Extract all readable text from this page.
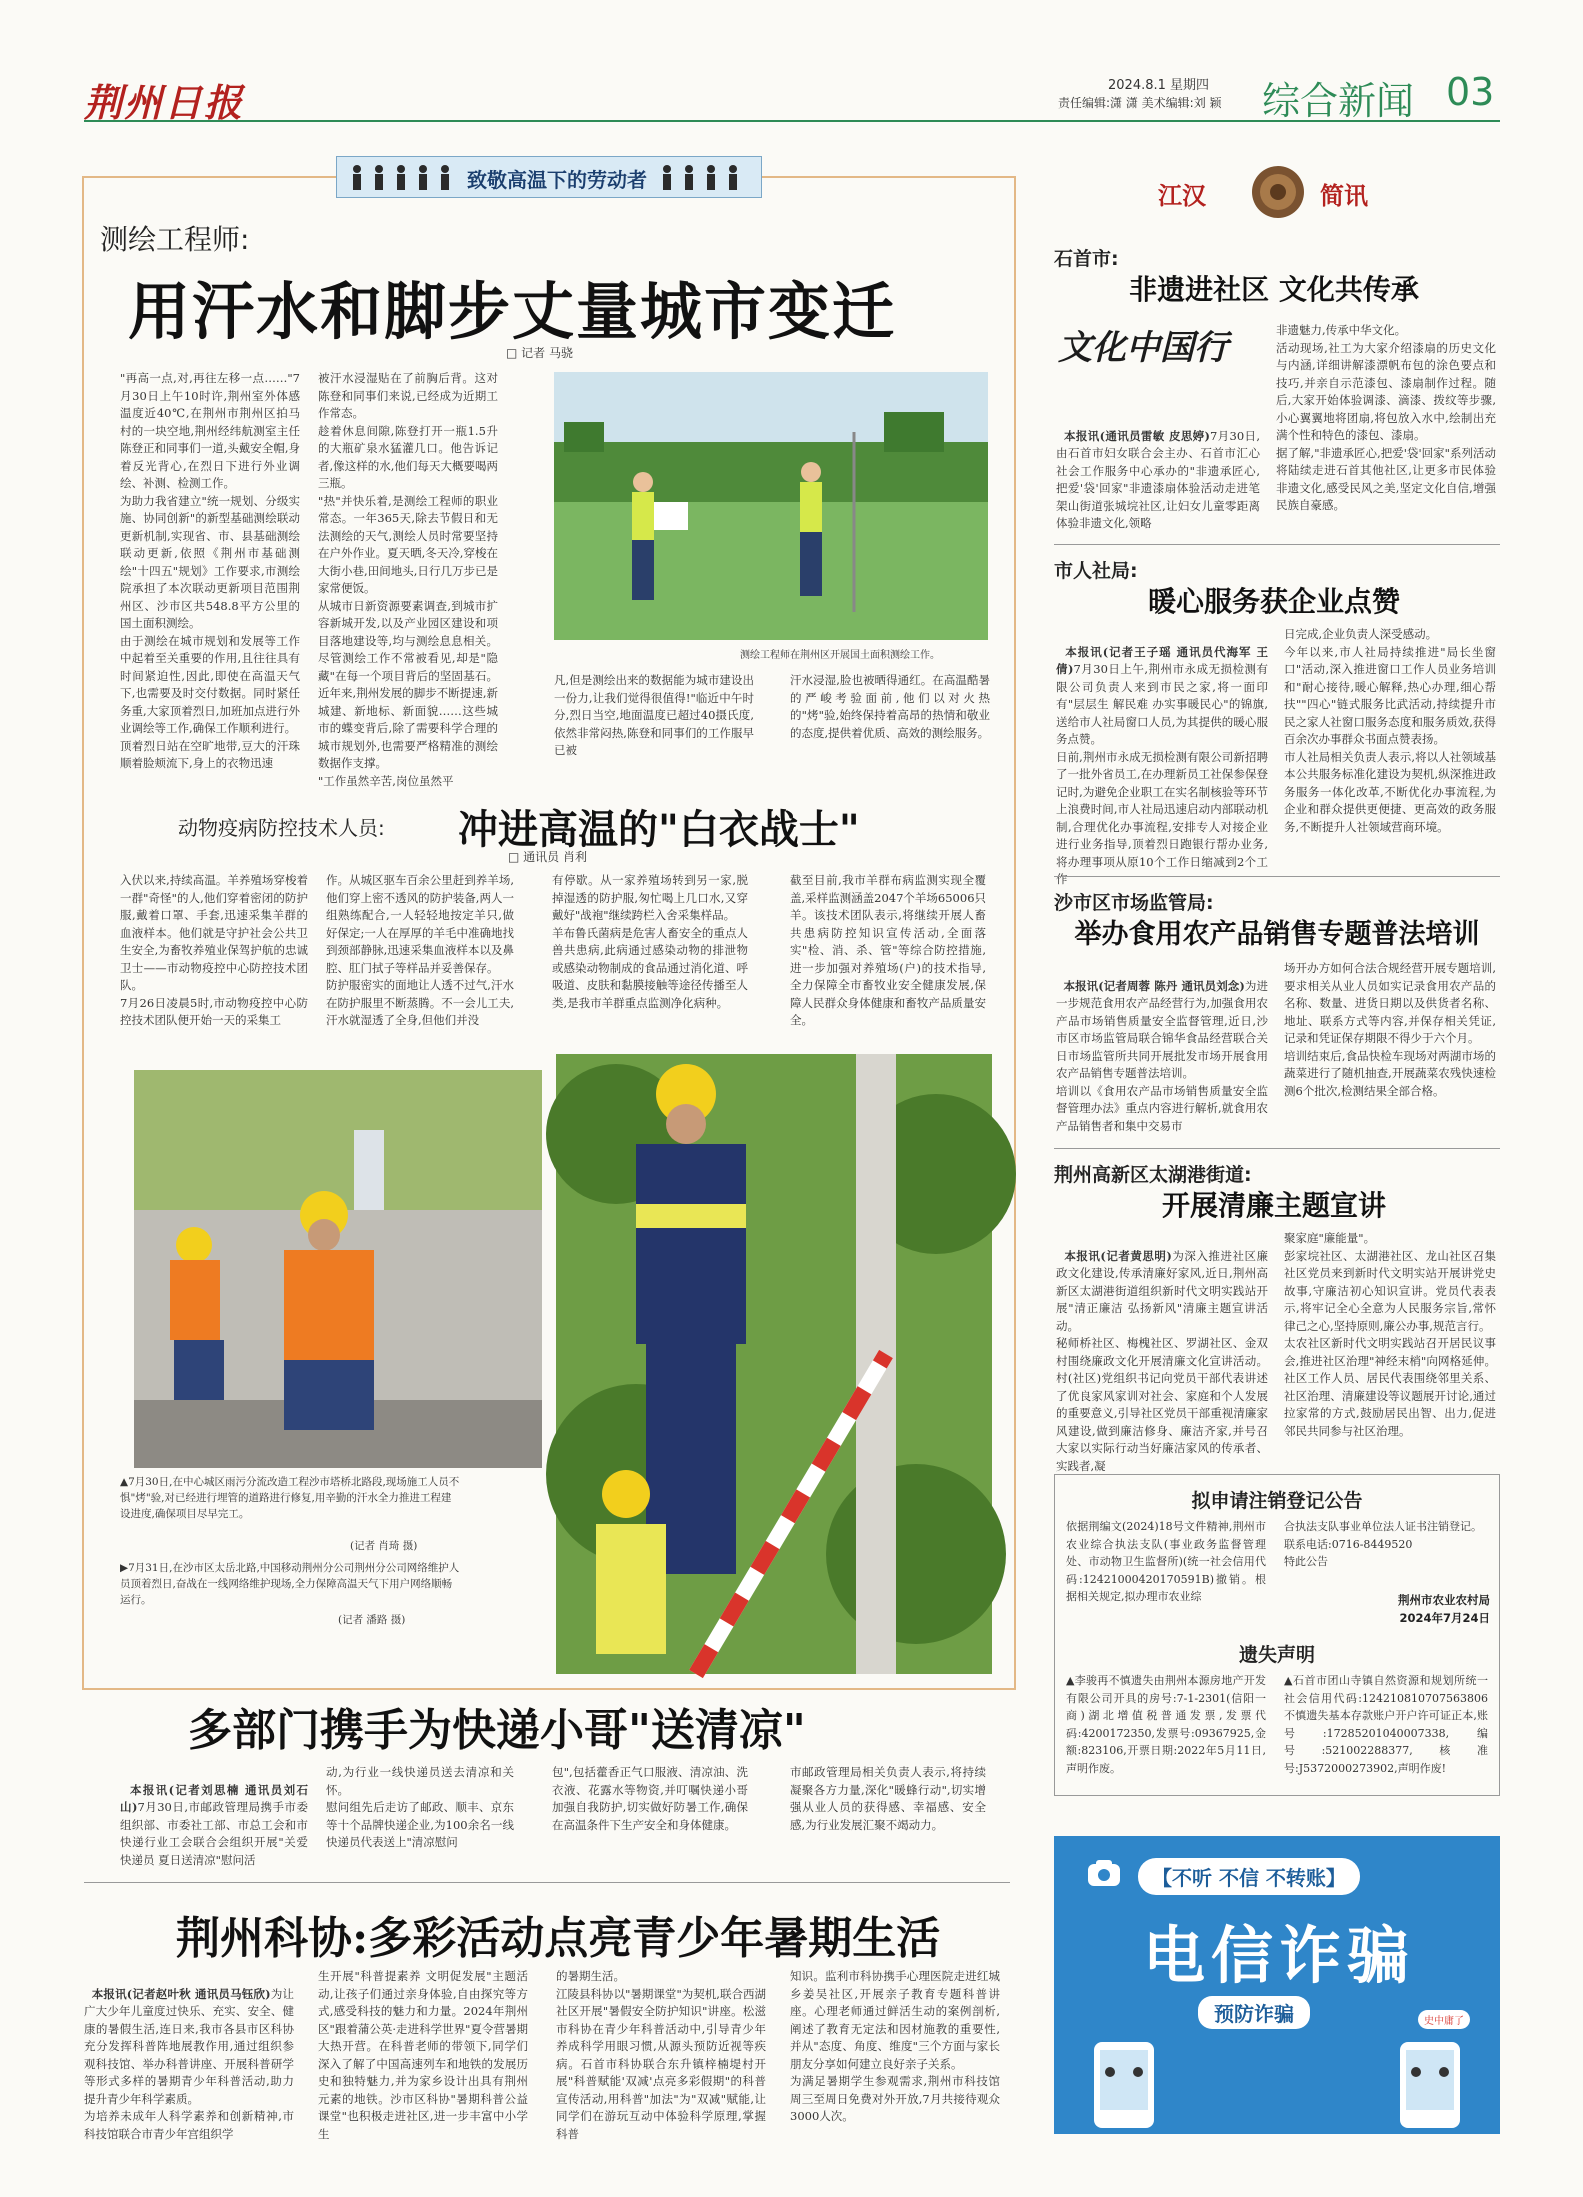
荆州日报	2024.8.1 星期四
责任编辑:潇 潇 美术编辑:刘 颖 综合新闻 03
致敬高温下的劳动者
测绘工程师:
用汗水和脚步丈量城市变迁
□ 记者 马骁
"再高一点,对,再往左移一点……"7月30日上午10时许,荆州室外体感温度近40℃,在荆州市荆州区拍马村的一块空地,荆州经纬航测室主任陈登正和同事们一道,头戴安全帽,身着反光背心,在烈日下进行外业调绘、补测、检测工作。
为助力我省建立"统一规划、分级实施、协同创新"的新型基础测绘联动更新机制,实现省、市、县基础测绘联动更新,依照《荆州市基础测绘"十四五"规划》工作要求,市测绘院承担了本次联动更新项目范围荆州区、沙市区共548.8平方公里的国土面积测绘。
由于测绘在城市规划和发展等工作中起着至关重要的作用,且往往具有时间紧迫性,因此,即使在高温天气下,也需要及时交付数据。同时紧任务重,大家顶着烈日,加班加点进行外业调绘等工作,确保工作顺利进行。
顶着烈日站在空旷地带,豆大的汗珠顺着脸颊流下,身上的衣物迅速
被汗水浸湿贴在了前胸后背。这对陈登和同事们来说,已经成为近期工作常态。
趁着休息间隙,陈登打开一瓶1.5升的大瓶矿泉水猛灌几口。他告诉记者,像这样的水,他们每天大概要喝两三瓶。
"热"并快乐着,是测绘工程师的职业常态。一年365天,除去节假日和无法测绘的天气,测绘人员时常要坚持在户外作业。夏天晒,冬天冷,穿梭在大街小巷,田间地头,日行几万步已是家常便饭。
从城市日新资源要素调查,到城市扩容新城开发,以及产业园区建设和项目落地建设等,均与测绘息息相关。尽管测绘工作不常被看见,却是"隐藏"在每一个项目背后的坚固基石。近年来,荆州发展的脚步不断提速,新城建、新地标、新面貌……这些城市的蝶变背后,除了需要科学合理的城市规划外,也需要严格精准的测绘数据作支撑。
"工作虽然辛苦,岗位虽然平
测绘工程师在荆州区开展国土面积测绘工作。
凡,但是测绘出来的数据能为城市建设出一份力,让我们觉得很值得!"临近中午时分,烈日当空,地面温度已超过40摄氏度,依然非常闷热,陈登和同事们的工作服早已被
汗水浸湿,脸也被晒得通红。在高温酷暑的严峻考验面前,他们以对火热的"烤"验,始终保持着高昂的热情和敬业的态度,提供着优质、高效的测绘服务。
动物疫病防控技术人员: 冲进高温的"白衣战士"
□ 通讯员 肖利
入伏以来,持续高温。羊养殖场穿梭着一群"奇怪"的人,他们穿着密闭的防护服,戴着口罩、手套,迅速采集羊群的血液样本。他们就是守护社会公共卫生安全,为畜牧养殖业保驾护航的忠诚卫士——市动物疫控中心防控技术团队。
7月26日凌晨5时,市动物疫控中心防控技术团队便开始一天的采集工
作。从城区驱车百余公里赶到养羊场,他们穿上密不透风的防护装备,两人一组熟练配合,一人轻轻地按定羊只,做好保定;一人在厚厚的羊毛中准确地找到颈部静脉,迅速采集血液样本以及鼻腔、肛门拭子等样品并妥善保存。
防护服密实的面地让人透不过气,汗水在防护服里不断蒸腾。不一会儿工夫,汗水就湿透了全身,但他们并没
有停歇。从一家养殖场转到另一家,脱掉湿透的防护服,匆忙喝上几口水,又穿戴好"战袍"继续跨栏入舍采集样品。
羊布鲁氏菌病是危害人畜安全的重点人兽共患病,此病通过感染动物的排泄物或感染动物制成的食品通过消化道、呼吸道、皮肤和黏膜接触等途径传播至人类,是我市羊群重点监测净化病种。
截至目前,我市羊群布病监测实现全覆盖,采样监测涵盖2047个羊场65006只羊。该技术团队表示,将继续开展人畜共患病防控知识宣传活动,全面落实"检、消、杀、管"等综合防控措施,进一步加强对养殖场(户)的技术指导,全力保障全市畜牧业安全健康发展,保障人民群众身体健康和畜牧产品质量安全。
▲7月30日,在中心城区雨污分流改造工程沙市塔桥北路段,现场施工人员不惧"烤"验,对已经进行埋管的道路进行修复,用辛勤的汗水全力推进工程建设进度,确保项目尽早完工。
(记者 肖琦 摄)
▶7月31日,在沙市区太岳北路,中国移动荆州分公司荆州分公司网络维护人员顶着烈日,奋战在一线网络维护现场,全力保障高温天气下用户网络顺畅运行。
(记者 潘路 摄)
多部门携手为快递小哥"送清凉"

本报讯(记者刘思楠 通讯员刘石山)7月30日,市邮政管理局携手市委组织部、市委社工部、市总工会和市快递行业工会联合会组织开展"关爱快递员 夏日送清凉"慰问活

动,为行业一线快递员送去清凉和关怀。
慰问组先后走访了邮政、顺丰、京东等十个品牌快递企业,为100余名一线快递员代表送上"清凉慰问
包",包括藿香正气口服液、清凉油、洗衣液、花露水等物资,并叮嘱快递小哥加强自我防护,切实做好防暑工作,确保在高温条件下生产安全和身体健康。
市邮政管理局相关负责人表示,将持续凝聚各方力量,深化"暖蜂行动",切实增强从业人员的获得感、幸福感、安全感,为行业发展汇聚不竭动力。
荆州科协:多彩活动点亮青少年暑期生活

本报讯(记者赵叶秋 通讯员马钰欣)为让广大少年儿童度过快乐、充实、安全、健康的暑假生活,连日来,我市各县市区科协充分发挥科普阵地展教作用,通过组织参观科技馆、举办科普讲座、开展科普研学等形式多样的暑期青少年科普活动,助力提升青少年科学素质。
为培养未成年人科学素养和创新精神,市科技馆联合市青少年宫组织学

生开展"科普提素养 文明促发展"主题活动,让孩子们通过亲身体验,自由探究等方式,感受科技的魅力和力量。2024年荆州区"跟着蒲公英·走进科学世界"夏令营暑期大热开营。在科普老师的带领下,同学们深入了解了中国高速列车和地铁的发展历史和独特魅力,并为家乡设计出具有荆州元素的地铁。沙市区科协"暑期科普公益课堂"也积极走进社区,进一步丰富中小学生
的暑期生活。
江陵县科协以"暑期课堂"为契机,联合西湖社区开展"暑假安全防护知识"讲座。松滋市科协在青少年科普活动中,引导青少年养成科学用眼习惯,从源头预防近视等疾病。石首市科协联合东升镇梓楠堤村开展"科普赋能'双减'点亮多彩假期"的科普宣传活动,用科普"加法"为"双减"赋能,让同学们在游玩互动中体验科学原理,掌握科普
知识。监利市科协携手心理医院走进红城乡姜吴社区,开展亲子教育专题科普讲座。心理老师通过鲜活生动的案例剖析,阐述了教育无定法和因材施教的重要性,并从"态度、角度、维度"三个方面与家长朋友分享如何建立良好亲子关系。
为满足暑期学生参观需求,荆州市科技馆周三至周日免费对外开放,7月共接待观众3000人次。
江汉	简讯
石首市:
非遗进社区 文化共传承
文化中国行

本报讯(通讯员雷敏 皮思婷)7月30日,由石首市妇女联合会主办、石首市汇心社会工作服务中心承办的"非遗承匠心,把爱'袋'回家"非遗漆扇体验活动走进笔架山街道张城垸社区,让妇女儿童零距离体验非遗文化,领略

非遗魅力,传承中华文化。
活动现场,社工为大家介绍漆扇的历史文化与内涵,详细讲解漆漂帆布包的涂色要点和技巧,并亲自示范漆包、漆扇制作过程。随后,大家开始体验调漆、滴漆、拨纹等步骤,小心翼翼地将团扇,将包放入水中,绘制出充满个性和特色的漆包、漆扇。
据了解,"非遗承匠心,把爱'袋'回家"系列活动将陆续走进石首其他社区,让更多市民体验非遗文化,感受民风之美,坚定文化自信,增强民族自豪感。
市人社局:
暖心服务获企业点赞

本报讯(记者王子瑶 通讯员代海军 王倩)7月30日上午,荆州市永成无损检测有限公司负责人来到市民之家,将一面印有"层层生 解民难 办实事暖民心"的锦旗,送给市人社局窗口人员,为其提供的暖心服务点赞。
日前,荆州市永成无损检测有限公司新招聘了一批外省员工,在办理新员工社保参保登记时,为避免企业职工在实名制核验等环节上浪费时间,市人社局迅速启动内部联动机制,合理优化办事流程,安排专人对接企业进行业务指导,顶着烈日跑银行帮办业务,将办理事项从原10个工作日缩减到2个工作

日完成,企业负责人深受感动。
今年以来,市人社局持续推进"局长坐窗口"活动,深入推进窗口工作人员业务培训和"耐心接待,暖心解释,热心办理,细心帮扶""四心"链式服务比武活动,持续提升市民之家人社窗口服务态度和服务质效,获得百余次办事群众书面点赞表扬。
市人社局相关负责人表示,将以人社领域基本公共服务标准化建设为契机,纵深推进政务服务一体化改革,不断优化办事流程,为企业和群众提供更便捷、更高效的政务服务,不断提升人社领域营商环境。
沙市区市场监管局:
举办食用农产品销售专题普法培训

本报讯(记者周蓉 陈丹 通讯员刘念)为进一步规范食用农产品经营行为,加强食用农产品市场销售质量安全监督管理,近日,沙市区市场监管局联合锦华食品经营联合关日市场监管所共同开展批发市场开展食用农产品销售专题普法培训。
培训以《食用农产品市场销售质量安全监督管理办法》重点内容进行解析,就食用农产品销售者和集中交易市

场开办方如何合法合规经营开展专题培训,要求相关从业人员如实记录食用农产品的名称、数量、进货日期以及供货者名称、地址、联系方式等内容,并保存相关凭证,记录和凭证保存期限不得少于六个月。
培训结束后,食品快检车现场对两湖市场的蔬菜进行了随机抽查,开展蔬菜农残快速检测6个批次,检测结果全部合格。
荆州高新区太湖港街道:
开展清廉主题宣讲

本报讯(记者黄思明)为深入推进社区廉政文化建设,传承清廉好家风,近日,荆州高新区太湖港街道组织新时代文明实践站开展"清正廉洁 弘扬新风"清廉主题宣讲活动。
秘师桥社区、梅槐社区、罗湖社区、金双村围绕廉政文化开展清廉文化宣讲活动。村(社区)党组织书记向党员干部代表讲述了优良家风家训对社会、家庭和个人发展的重要意义,引导社区党员干部重视清廉家风建设,做到廉洁修身、廉洁齐家,并号召大家以实际行动当好廉洁家风的传承者、实践者,凝

聚家庭"廉能量"。
彭家垸社区、太湖港社区、龙山社区召集社区党员来到新时代文明实站开展讲党史故事,守廉洁初心知识宣讲。党员代表表示,将牢记全心全意为人民服务宗旨,常怀律己之心,坚持原则,廉公办事,规范言行。
太农社区新时代文明实践站召开居民议事会,推进社区治理"神经末梢"向网格延伸。社区工作人员、居民代表围绕邻里关系、社区治理、清廉建设等议题展开讨论,通过拉家常的方式,鼓励居民出智、出力,促进邻民共同参与社区治理。
拟申请注销登记公告
依据荆编文(2024)18号文件精神,荆州市农业综合执法支队(事业政务监督管理处、市动物卫生监督所)(统一社会信用代码:12421000420170591B)撤销。根据相关规定,拟办理市农业综
合执法支队事业单位法人证书注销登记。
联系电话:0716-8449520
特此公告
荆州市农业农村局
2024年7月24日
遗失声明
▲李骏再不慎遗失由荆州本源房地产开发有限公司开具的房号:7-1-2301(信阳一商)湖北增值税普通发票,发票代码:4200172350,发票号:09367925,金额:823106,开票日期:2022年5月11日,声明作废。
▲石首市团山寺镇自然资源和规划所统一社会信用代码:124210810707563806不慎遗失基本存款账户开户许可证正本,账号:17285201040007338,编号:5210022883​77,核准号:J5372000273902,声明作废!
【不听 不信 不转账】
电信诈骗
预防诈骗	史中庸了
